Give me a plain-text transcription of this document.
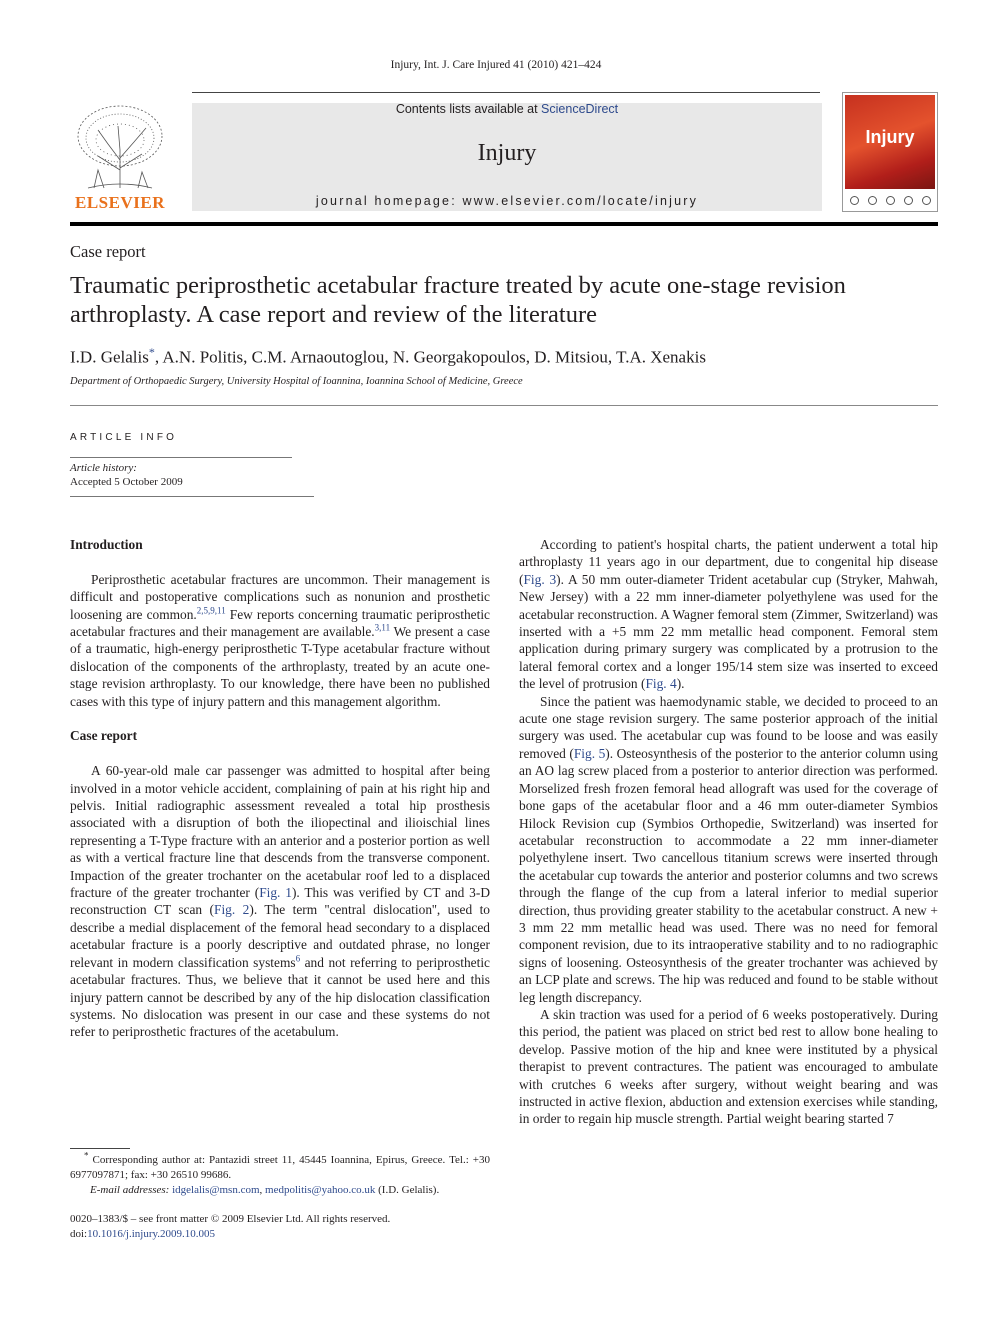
Injury, Int. J. Care Injured 41 (2010) 421–424
Contents lists available at ScienceDirect
Injury
journal homepage: www.elsevier.com/locate/injury
ELSEVIER
Injury
Case report
Traumatic periprosthetic acetabular fracture treated by acute one-stage revision arthroplasty. A case report and review of the literature
I.D. Gelalis*, A.N. Politis, C.M. Arnaoutoglou, N. Georgakopoulos, D. Mitsiou, T.A. Xenakis
Department of Orthopaedic Surgery, University Hospital of Ioannina, Ioannina School of Medicine, Greece
ARTICLE INFO
Article history:
Accepted 5 October 2009
Introduction

Periprosthetic acetabular fractures are uncommon. Their management is difficult and postoperative complications such as nonunion and prosthetic loosening are common.$^{2,5,9,11}$ Few reports concerning traumatic periprosthetic acetabular fractures and their management are available.$^{3,11}$ We present a case of a traumatic, high-energy periprosthetic T-Type acetabular fracture without dislocation of the components of the arthroplasty, treated by an acute one-stage revision arthroplasty. To our knowledge, there have been no published cases with this type of injury pattern and this management algorithm.

Case report

A 60-year-old male car passenger was admitted to hospital after being involved in a motor vehicle accident, complaining of pain at his right hip and pelvis. Initial radiographic assessment revealed a total hip prosthesis associated with a disruption of both the iliopectinal and ilioischial lines representing a T-Type fracture with an anterior and a posterior portion as well as with a vertical fracture line that descends from the transverse component. Impaction of the greater trochanter on the acetabular roof led to a displaced fracture of the greater trochanter (Fig. 1). This was verified by CT and 3-D reconstruction CT scan (Fig. 2). The term ''central dislocation'', used to describe a medial displacement of the femoral head secondary to a displaced acetabular fracture is a poorly descriptive and outdated phrase, no longer relevant in modern classification systems$^6$ and not referring to periprosthetic acetabular fractures. Thus, we believe that it cannot be used here and this injury pattern cannot be described by any of the hip dislocation classification systems. No dislocation was present in our case and these systems do not refer to periprosthetic fractures of the acetabulum.

According to patient's hospital charts, the patient underwent a total hip arthroplasty 11 years ago in our department, due to congenital hip disease (Fig. 3). A 50 mm outer-diameter Trident acetabular cup (Stryker, Mahwah, New Jersey) with a 22 mm inner-diameter polyethylene was used for the acetabular reconstruction. A Wagner femoral stem (Zimmer, Switzerland) was inserted with a +5 mm 22 mm metallic head component. Femoral stem application during primary surgery was complicated by a protrusion to the lateral femoral cortex and a longer 195/14 stem size was inserted to exceed the level of protrusion (Fig. 4).

Since the patient was haemodynamic stable, we decided to proceed to an acute one stage revision surgery. The same posterior approach of the initial surgery was used. The acetabular cup was found to be loose and was easily removed (Fig. 5). Osteosynthesis of the posterior to the anterior column using an AO lag screw placed from a posterior to anterior direction was performed. Morselized fresh frozen femoral head allograft was used for the coverage of bone gaps of the acetabular floor and a 46 mm outer-diameter Symbios Hilock Revision cup (Symbios Orthopedie, Switzerland) was inserted for acetabular reconstruction to accommodate a 22 mm inner-diameter polyethylene insert. Two cancellous titanium screws were inserted through the acetabular cup towards the anterior and posterior columns and two screws through the flange of the cup from a lateral inferior to medial superior direction, thus providing greater stability to the acetabular construct. A new + 3 mm 22 mm metallic head was used. There was no need for femoral component revision, due to its intraoperative stability and to no radiographic signs of loosening. Osteosynthesis of the greater trochanter was achieved by an LCP plate and screws. The hip was reduced and found to be stable without leg length discrepancy.

A skin traction was used for a period of 6 weeks postoperatively. During this period, the patient was placed on strict bed rest to allow bone healing to develop. Passive motion of the hip and knee were instituted by a physical therapist to prevent contractures. The patient was encouraged to ambulate with crutches 6 weeks after surgery, without weight bearing and was instructed in active flexion, abduction and extension exercises while standing, in order to regain hip muscle strength. Partial weight bearing started 7

* Corresponding author at: Pantazidi street 11, 45445 Ioannina, Epirus, Greece. Tel.: +30 6977097871; fax: +30 26510 99686.
E-mail addresses: idgelalis@msn.com, medpolitis@yahoo.co.uk (I.D. Gelalis).
0020–1383/$ – see front matter © 2009 Elsevier Ltd. All rights reserved.
doi:10.1016/j.injury.2009.10.005
